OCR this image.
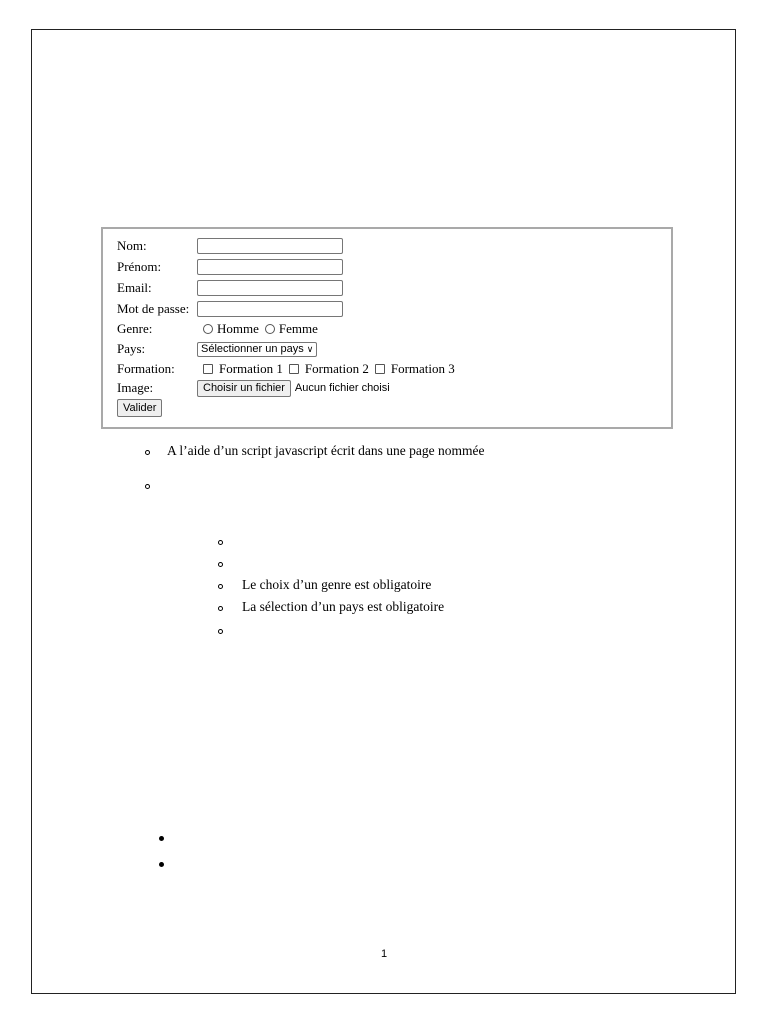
Nom:
Prénom:
Email:
Mot de passe:
Genre:	Homme Femme
Pays:	Sélectionner un pays ∨
Formation:	Formation 1 Formation 2 Formation 3
Image:	Choisir un fichier Aucun fichier choisi
Valider
A l’aide d’un script javascript écrit dans une page nommée
Le choix d’un genre est obligatoire
La sélection d’un pays est obligatoire
1
